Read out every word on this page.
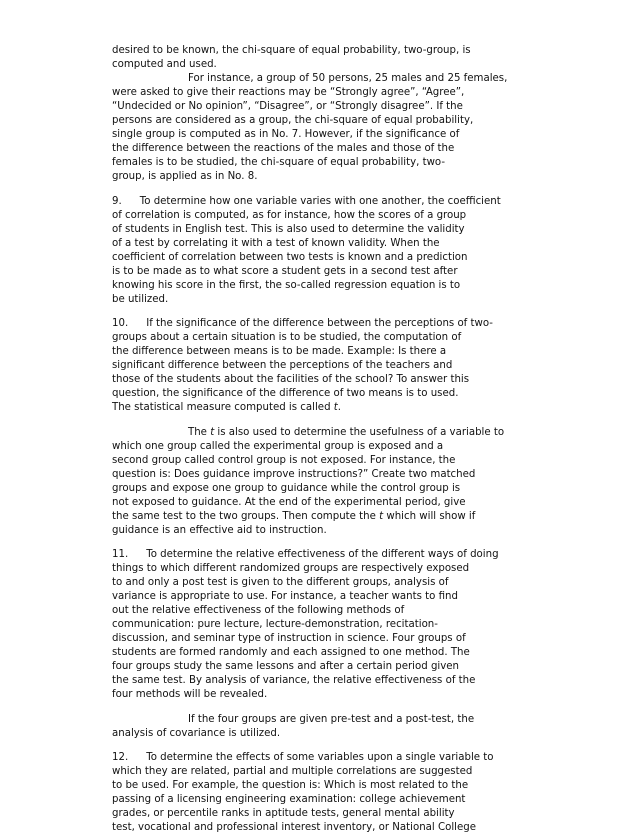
desired to be known, the chi-square of equal probability, two-group, is
computed and used.
For instance, a group of 50 persons, 25 males and 25 females,
were asked to give their reactions may be “Strongly agree”, “Agree”,
“Undecided or No opinion”, “Disagree”, or “Strongly disagree”. If the
persons are considered as a group, the chi-square of equal probability,
single group is computed as in No. 7. However, if the significance of
the difference between the reactions of the males and those of the
females is to be studied, the chi-square of equal probability, two-
group, is applied as in No. 8.
9. To determine how one variable varies with one another, the coefficient
of correlation is computed, as for instance, how the scores of a group
of students in English test. This is also used to determine the validity
of a test by correlating it with a test of known validity. When the
coefficient of correlation between two tests is known and a prediction
is to be made as to what score a student gets in a second test after
knowing his score in the first, the so-called regression equation is to
be utilized.
10. If the significance of the difference between the perceptions of two-
groups about a certain situation is to be studied, the computation of
the difference between means is to be made. Example: Is there a
significant difference between the perceptions of the teachers and
those of the students about the facilities of the school? To answer this
question, the significance of the difference of two means is to used.
The statistical measure computed is called t.
The t is also used to determine the usefulness of a variable to
which one group called the experimental group is exposed and a
second group called control group is not exposed. For instance, the
question is: Does guidance improve instructions?” Create two matched
groups and expose one group to guidance while the control group is
not exposed to guidance. At the end of the experimental period, give
the same test to the two groups. Then compute the t which will show if
guidance is an effective aid to instruction.
11. To determine the relative effectiveness of the different ways of doing
things to which different randomized groups are respectively exposed
to and only a post test is given to the different groups, analysis of
variance is appropriate to use. For instance, a teacher wants to find
out the relative effectiveness of the following methods of
communication: pure lecture, lecture-demonstration, recitation-
discussion, and seminar type of instruction in science. Four groups of
students are formed randomly and each assigned to one method. The
four groups study the same lessons and after a certain period given
the same test. By analysis of variance, the relative effectiveness of the
four methods will be revealed.
If the four groups are given pre-test and a post-test, the
analysis of covariance is utilized.
12. To determine the effects of some variables upon a single variable to
which they are related, partial and multiple correlations are suggested
to be used. For example, the question is: Which is most related to the
passing of a licensing engineering examination: college achievement
grades, or percentile ranks in aptitude tests, general mental ability
test, vocational and professional interest inventory, or National College
